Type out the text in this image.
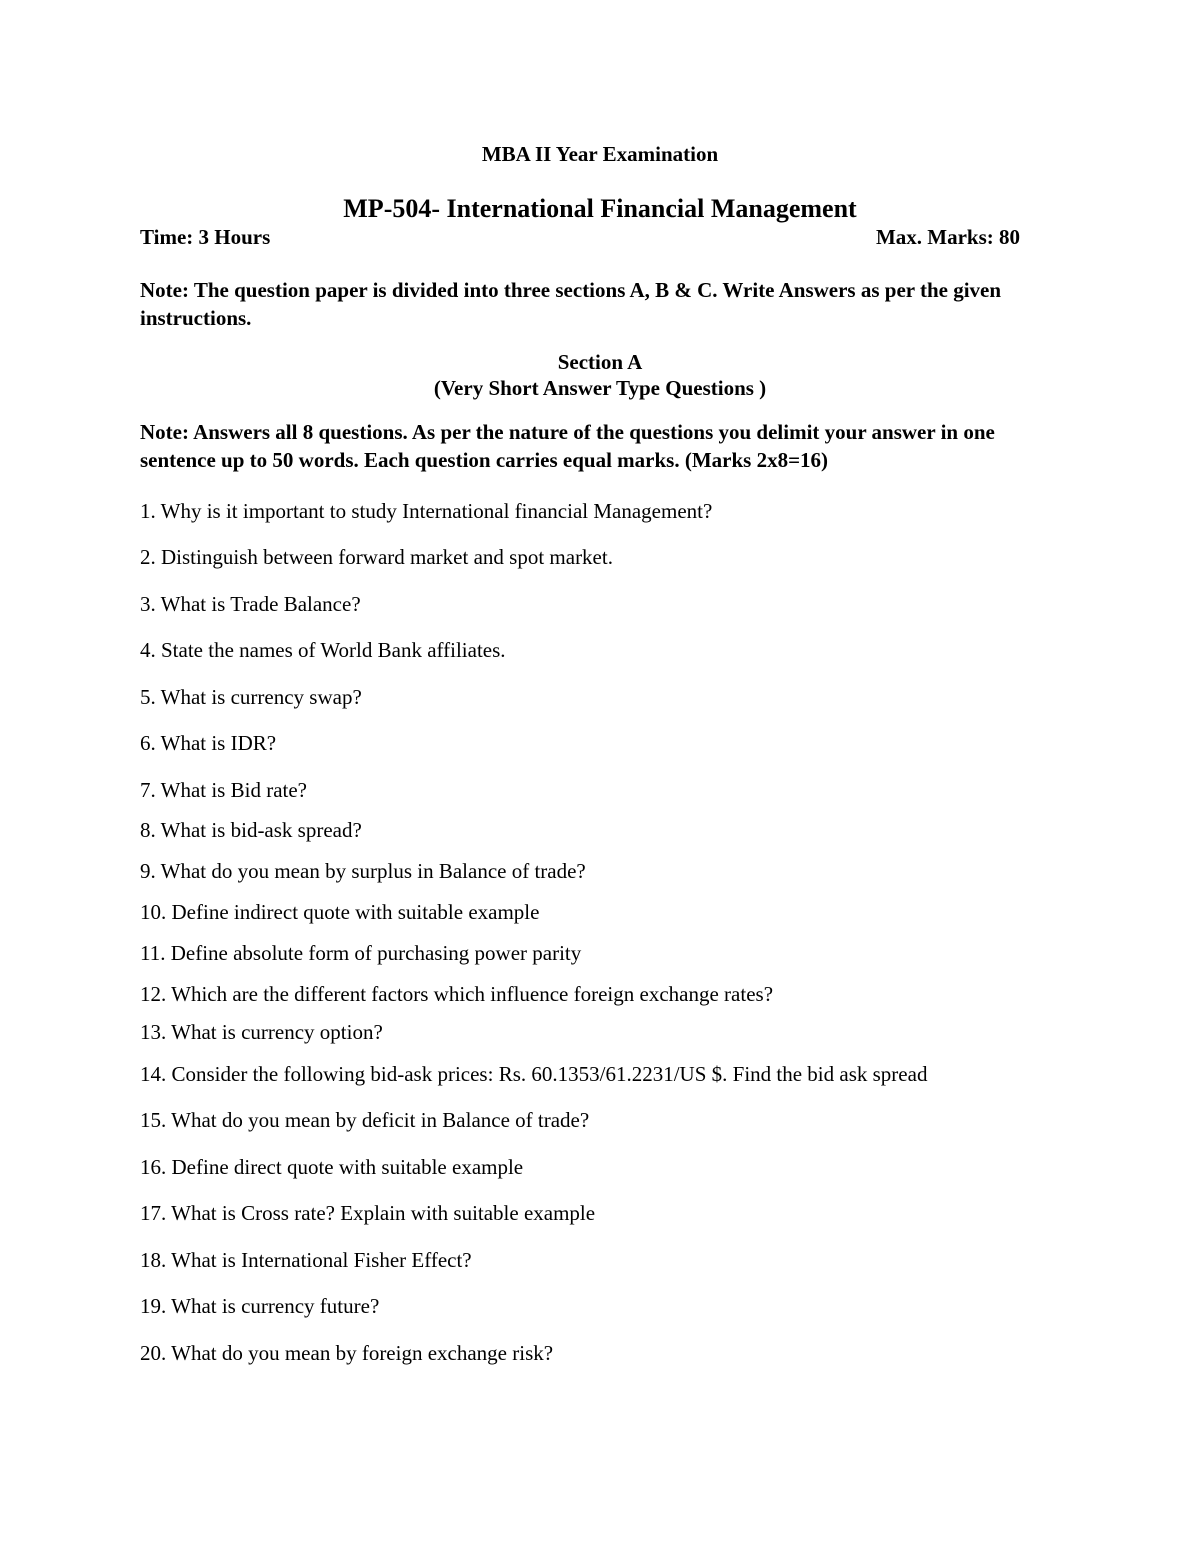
MBA II Year Examination
MP-504- International Financial Management
Time: 3 Hours	Max. Marks: 80
Note: The question paper is divided into three sections A, B & C. Write Answers as per the given instructions.
Section A
(Very Short Answer Type Questions )
Note: Answers all 8 questions. As per the nature of the questions you delimit your answer in one sentence up to 50 words. Each question carries equal marks. (Marks 2x8=16)
1. Why is it important to study International financial Management?
2. Distinguish between forward market and spot market.
3. What is Trade Balance?
4. State the names of World Bank affiliates.
5. What is currency swap?
6. What is IDR?
7. What is Bid rate?
8. What is bid-ask spread?
9. What do you mean by surplus in Balance of trade?
10. Define indirect quote with suitable example
11. Define absolute form of purchasing power parity
12. Which are the different factors which influence foreign exchange rates?
13. What is currency option?
14. Consider the following bid-ask prices: Rs. 60.1353/61.2231/US $. Find the bid ask spread
15. What do you mean by deficit in Balance of trade?
16. Define direct quote with suitable example
17. What is Cross rate? Explain with suitable example
18. What is International Fisher Effect?
19. What is currency future?
20. What do you mean by foreign exchange risk?
